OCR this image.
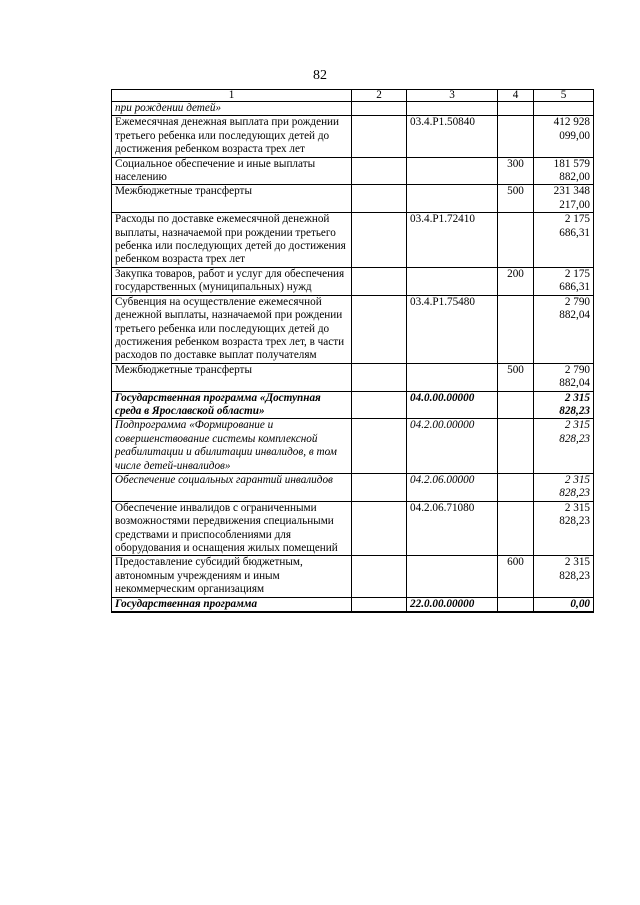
82
1	2	3	4	5
при рождении детей»				
Ежемесячная денежная выплата при рождении третьего ребенка или последующих детей до достижения ребенком возраста трех лет		03.4.P1.50840		412 928 099,00
Социальное обеспечение и иные выплаты населению			300	181 579 882,00
Межбюджетные трансферты			500	231 348 217,00
Расходы по доставке ежемесячной денежной выплаты, назначаемой при рождении третьего ребенка или последующих детей до достижения ребенком возраста трех лет		03.4.P1.72410		2 175 686,31
Закупка товаров, работ и услуг для обеспечения государственных (муниципальных) нужд			200	2 175 686,31
Субвенция на осуществление ежемесячной денежной выплаты, назначаемой при рождении третьего ребенка или последующих детей до достижения ребенком возраста трех лет, в части расходов по доставке выплат получателям		03.4.P1.75480		2 790 882,04
Межбюджетные трансферты			500	2 790 882,04
Государственная программа «Доступная среда в Ярославской области»		04.0.00.00000		2 315 828,23
Подпрограмма «Формирование и совершенствование системы комплексной реабилитации и абилитации инвалидов, в том числе детей-инвалидов»		04.2.00.00000		2 315 828,23
Обеспечение социальных гарантий инвалидов		04.2.06.00000		2 315 828,23
Обеспечение инвалидов с ограниченными возможностями передвижения специальными средствами и приспособлениями для оборудования и оснащения жилых помещений		04.2.06.71080		2 315 828,23
Предоставление субсидий бюджетным, автономным учреждениям и иным некоммерческим организациям			600	2 315 828,23
Государственная программа		22.0.00.00000		0,00
